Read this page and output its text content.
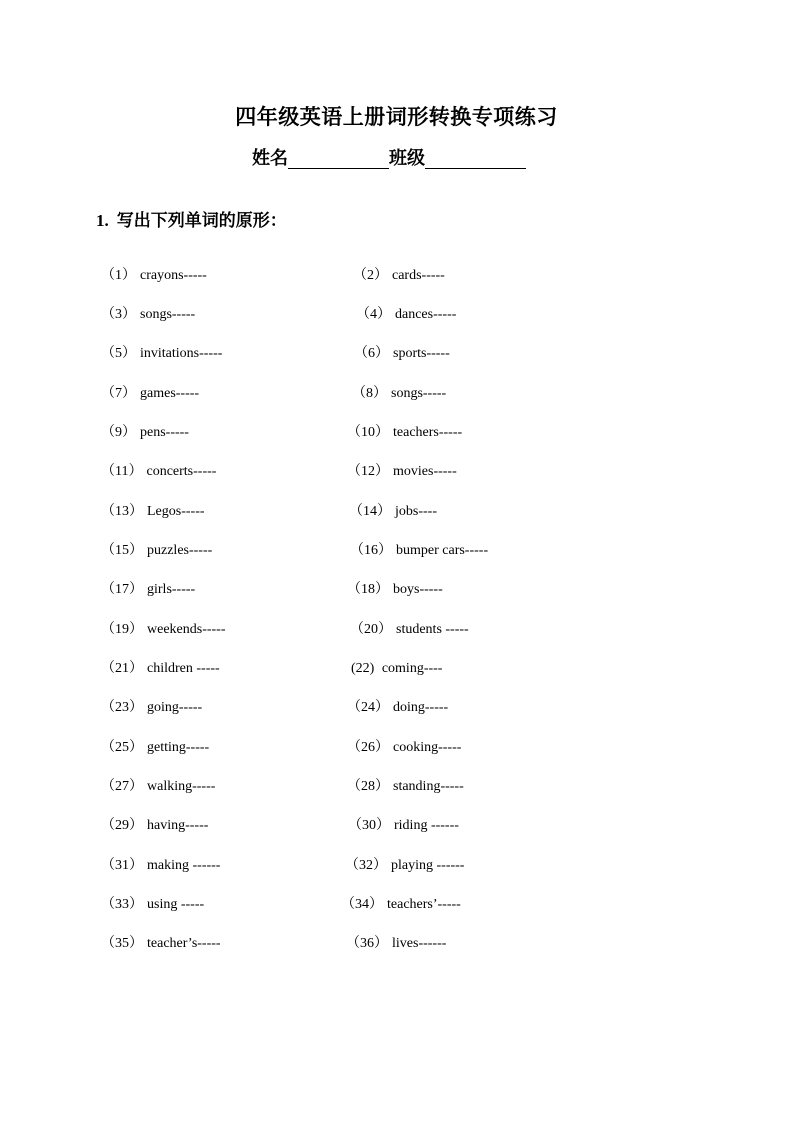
四年级英语上册词形转换专项练习
姓名	班级
1. 写出下列单词的原形：
（1） crayons-----	（2） cards-----
（3） songs-----	（4） dances-----
（5） invitations-----	（6） sports-----
（7） games-----	（8） songs-----
（9） pens-----	（10） teachers-----
（11） concerts-----	（12） movies-----
（13） Legos-----	（14） jobs----
（15） puzzles-----	（16） bumper cars-----
（17） girls-----	（18） boys-----
（19） weekends-----	（20） students -----
（21） children -----	(22) coming----
（23） going-----	（24） doing-----
（25） getting-----	（26） cooking-----
（27） walking-----	（28） standing-----
（29） having-----	（30） riding ------
（31） making ------	（32） playing ------
（33） using -----	（34） teachers’-----
（35） teacher’s-----	（36） lives------
